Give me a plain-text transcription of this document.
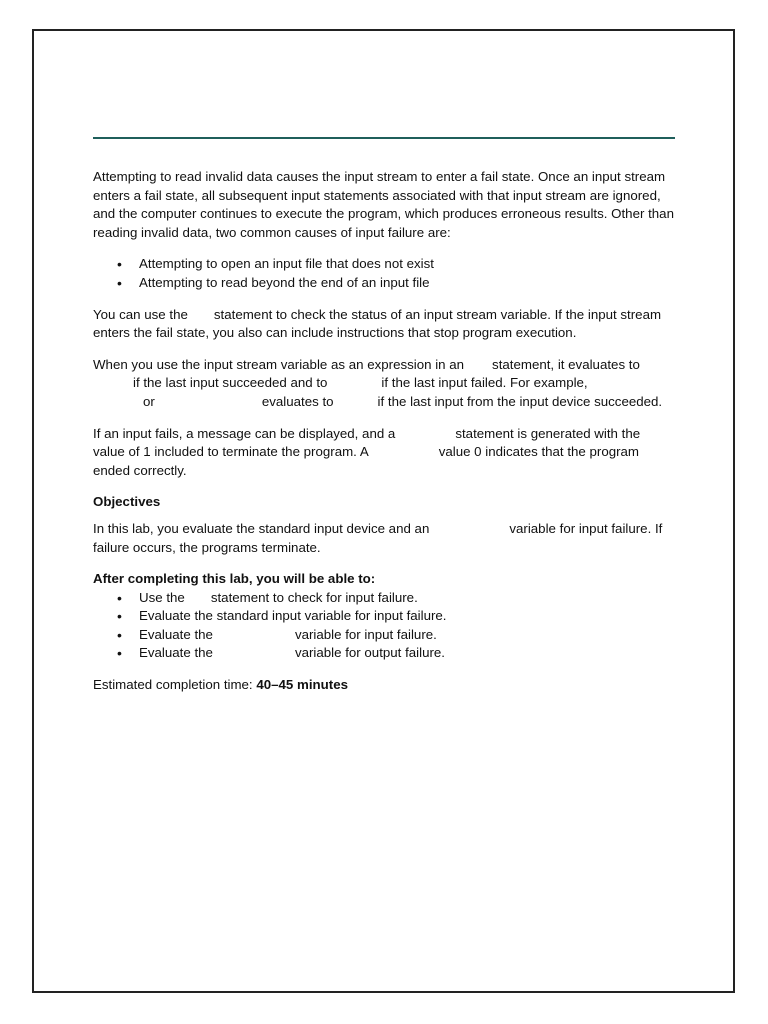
Attempting to read invalid data causes the input stream to enter a fail state. Once an input stream enters a fail state, all subsequent input statements associated with that input stream are ignored, and the computer continues to execute the program, which produces erroneous results. Other than reading invalid data, two common causes of input failure are:

• Attempting to open an input file that does not exist
• Attempting to read beyond the end of an input file

You can use the statement to check the status of an input stream variable. If the input stream enters the fail state, you also can include instructions that stop program execution.

When you use the input stream variable as an expression in an statement, it evaluates to
if the last input succeeded and to	if the last input failed. For example,
or	evaluates to	if the last input from the input device succeeded.

If an input fails, a message can be displayed, and a	statement is generated with the value of 1 included to terminate the program. A	value 0 indicates that the program ended correctly.

Objectives

In this lab, you evaluate the standard input device and an	variable for input failure. If failure occurs, the programs terminate.

After completing this lab, you will be able to:

• Use the statement to check for input failure.
• Evaluate the standard input variable for input failure.
• Evaluate the	variable for input failure.
• Evaluate the	variable for output failure.

Estimated completion time: 40–45 minutes
